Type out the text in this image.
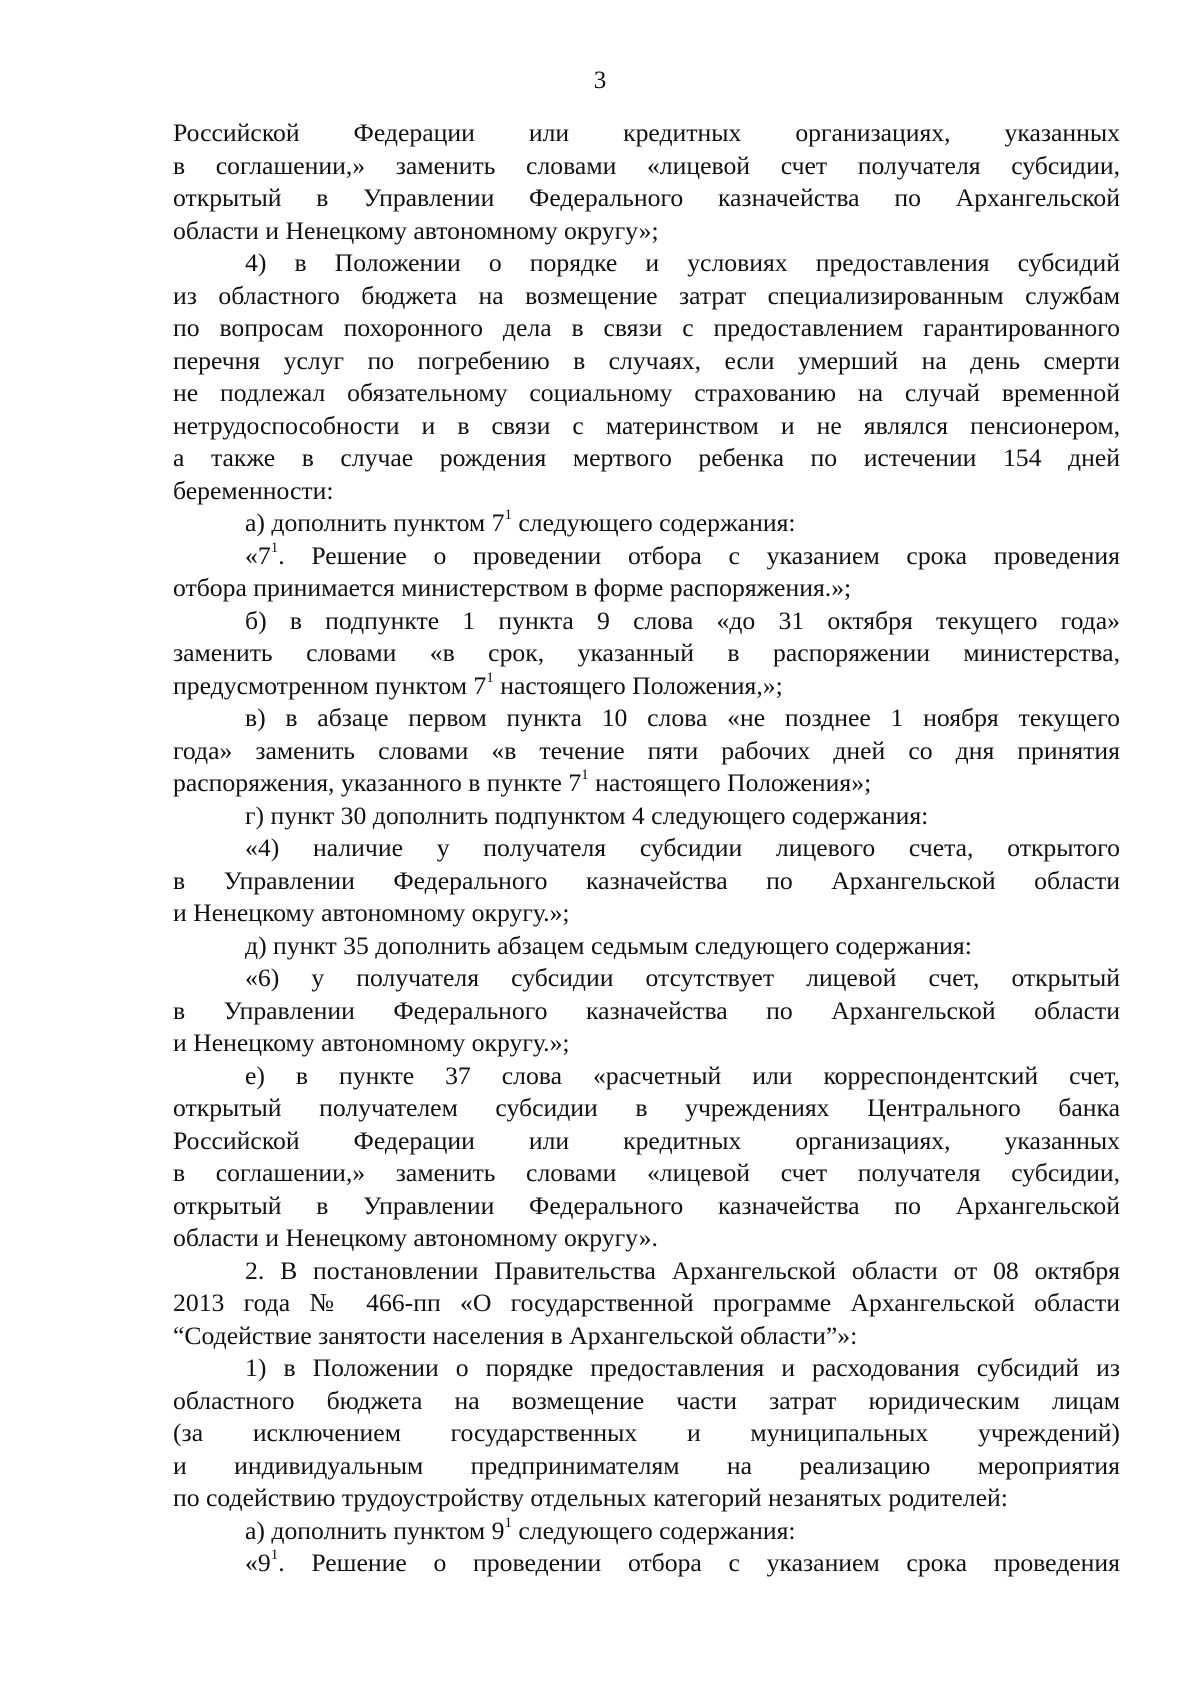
3

Российской Федерации или кредитных организациях, указанных

в соглашении,» заменить словами «лицевой счет получателя субсидии,

открытый в Управлении Федерального казначейства по Архангельской

области и Ненецкому автономному округу»;

4) в Положении о порядке и условиях предоставления субсидий

из областного бюджета на возмещение затрат специализированным службам

по вопросам похоронного дела в связи с предоставлением гарантированного

перечня услуг по погребению в случаях, если умерший на день смерти

не подлежал обязательному социальному страхованию на случай временной

нетрудоспособности и в связи с материнством и не являлся пенсионером,

а также в случае рождения мертвого ребенка по истечении 154 дней

беременности:

а) дополнить пунктом $7^1$ следующего содержания:

«$7^1$. Решение о проведении отбора с указанием срока проведения

отбора принимается министерством в форме распоряжения.»;

б) в подпункте 1 пункта 9 слова «до 31 октября текущего года»

заменить словами «в срок, указанный в распоряжении министерства,

предусмотренном пунктом $7^1$ настоящего Положения,»;

в) в абзаце первом пункта 10 слова «не позднее 1 ноября текущего

года» заменить словами «в течение пяти рабочих дней со дня принятия

распоряжения, указанного в пункте $7^1$ настоящего Положения»;

г) пункт 30 дополнить подпунктом 4 следующего содержания:

«4) наличие у получателя субсидии лицевого счета, открытого

в Управлении Федерального казначейства по Архангельской области

и Ненецкому автономному округу.»;

д) пункт 35 дополнить абзацем седьмым следующего содержания:

«6) у получателя субсидии отсутствует лицевой счет, открытый

в Управлении Федерального казначейства по Архангельской области

и Ненецкому автономному округу.»;

е) в пункте 37 слова «расчетный или корреспондентский счет,

открытый получателем субсидии в учреждениях Центрального банка

Российской Федерации или кредитных организациях, указанных

в соглашении,» заменить словами «лицевой счет получателя субсидии,

открытый в Управлении Федерального казначейства по Архангельской

области и Ненецкому автономному округу».

2. В постановлении Правительства Архангельской области от 08 октября

2013 года № 466-пп «О государственной программе Архангельской области

“Содействие занятости населения в Архангельской области”»:

1) в Положении о порядке предоставления и расходования субсидий из

областного бюджета на возмещение части затрат юридическим лицам

(за исключением государственных и муниципальных учреждений)

и индивидуальным предпринимателям на реализацию мероприятия

по содействию трудоустройству отдельных категорий незанятых родителей:

а) дополнить пунктом $9^1$ следующего содержания:

«$9^1$. Решение о проведении отбора с указанием срока проведения
